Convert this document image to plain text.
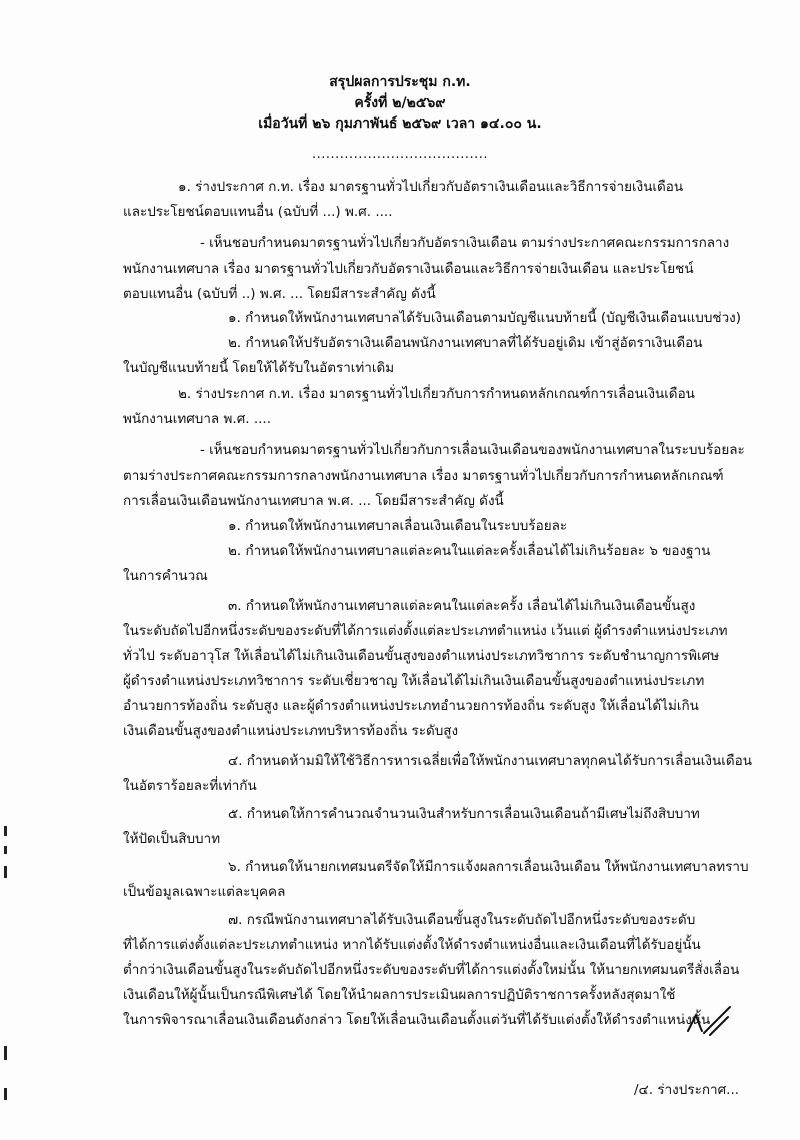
สรุปผลการประชุม ก.ท.
ครั้งที่ ๒/๒๕๖๙
เมื่อวันที่ ๒๖ กุมภาพันธ์ ๒๕๖๙ เวลา ๑๔.๐๐ น.
......................................
๑. ร่างประกาศ ก.ท. เรื่อง มาตรฐานทั่วไปเกี่ยวกับอัตราเงินเดือนและวิธีการจ่ายเงินเดือน
และประโยชน์ตอบแทนอื่น (ฉบับที่ ...) พ.ศ. ....
- เห็นชอบกำหนดมาตรฐานทั่วไปเกี่ยวกับอัตราเงินเดือน ตามร่างประกาศคณะกรรมการกลาง
พนักงานเทศบาล เรื่อง มาตรฐานทั่วไปเกี่ยวกับอัตราเงินเดือนและวิธีการจ่ายเงินเดือน และประโยชน์
ตอบแทนอื่น (ฉบับที่ ..) พ.ศ. ... โดยมีสาระสำคัญ ดังนี้
๑. กำหนดให้พนักงานเทศบาลได้รับเงินเดือนตามบัญชีแนบท้ายนี้ (บัญชีเงินเดือนแบบช่วง)
๒. กำหนดให้ปรับอัตราเงินเดือนพนักงานเทศบาลที่ได้รับอยู่เดิม เข้าสู่อัตราเงินเดือน
ในบัญชีแนบท้ายนี้ โดยให้ได้รับในอัตราเท่าเดิม
๒. ร่างประกาศ ก.ท. เรื่อง มาตรฐานทั่วไปเกี่ยวกับการกำหนดหลักเกณฑ์การเลื่อนเงินเดือน
พนักงานเทศบาล พ.ศ. ....
- เห็นชอบกำหนดมาตรฐานทั่วไปเกี่ยวกับการเลื่อนเงินเดือนของพนักงานเทศบาลในระบบร้อยละ
ตามร่างประกาศคณะกรรมการกลางพนักงานเทศบาล เรื่อง มาตรฐานทั่วไปเกี่ยวกับการกำหนดหลักเกณฑ์
การเลื่อนเงินเดือนพนักงานเทศบาล พ.ศ. ... โดยมีสาระสำคัญ ดังนี้
๑. กำหนดให้พนักงานเทศบาลเลื่อนเงินเดือนในระบบร้อยละ
๒. กำหนดให้พนักงานเทศบาลแต่ละคนในแต่ละครั้งเลื่อนได้ไม่เกินร้อยละ ๖ ของฐาน
ในการคำนวณ
๓. กำหนดให้พนักงานเทศบาลแต่ละคนในแต่ละครั้ง เลื่อนได้ไม่เกินเงินเดือนขั้นสูง
ในระดับถัดไปอีกหนึ่งระดับของระดับที่ได้การแต่งตั้งแต่ละประเภทตำแหน่ง เว้นแต่ ผู้ดำรงตำแหน่งประเภท
ทั่วไป ระดับอาวุโส ให้เลื่อนได้ไม่เกินเงินเดือนขั้นสูงของตำแหน่งประเภทวิชาการ ระดับชำนาญการพิเศษ
ผู้ดำรงตำแหน่งประเภทวิชาการ ระดับเชี่ยวชาญ ให้เลื่อนได้ไม่เกินเงินเดือนขั้นสูงของตำแหน่งประเภท
อำนวยการท้องถิ่น ระดับสูง และผู้ดำรงตำแหน่งประเภทอำนวยการท้องถิ่น ระดับสูง ให้เลื่อนได้ไม่เกิน
เงินเดือนขั้นสูงของตำแหน่งประเภทบริหารท้องถิ่น ระดับสูง
๔. กำหนดห้ามมิให้ใช้วิธีการหารเฉลี่ยเพื่อให้พนักงานเทศบาลทุกคนได้รับการเลื่อนเงินเดือน
ในอัตราร้อยละที่เท่ากัน
๕. กำหนดให้การคำนวณจำนวนเงินสำหรับการเลื่อนเงินเดือนถ้ามีเศษไม่ถึงสิบบาท
ให้ปัดเป็นสิบบาท
๖. กำหนดให้นายกเทศมนตรีจัดให้มีการแจ้งผลการเลื่อนเงินเดือน ให้พนักงานเทศบาลทราบ
เป็นข้อมูลเฉพาะแต่ละบุคคล
๗. กรณีพนักงานเทศบาลได้รับเงินเดือนขั้นสูงในระดับถัดไปอีกหนึ่งระดับของระดับ
ที่ได้การแต่งตั้งแต่ละประเภทตำแหน่ง หากได้รับแต่งตั้งให้ดำรงตำแหน่งอื่นและเงินเดือนที่ได้รับอยู่นั้น
ต่ำกว่าเงินเดือนขั้นสูงในระดับถัดไปอีกหนึ่งระดับของระดับที่ได้การแต่งตั้งใหม่นั้น ให้นายกเทศมนตรีสั่งเลื่อน
เงินเดือนให้ผู้นั้นเป็นกรณีพิเศษได้ โดยให้นำผลการประเมินผลการปฏิบัติราชการครั้งหลังสุดมาใช้
ในการพิจารณาเลื่อนเงินเดือนดังกล่าว โดยให้เลื่อนเงินเดือนตั้งแต่วันที่ได้รับแต่งตั้งให้ดำรงตำแหน่งนั้น
/๔. ร่างประกาศ...
